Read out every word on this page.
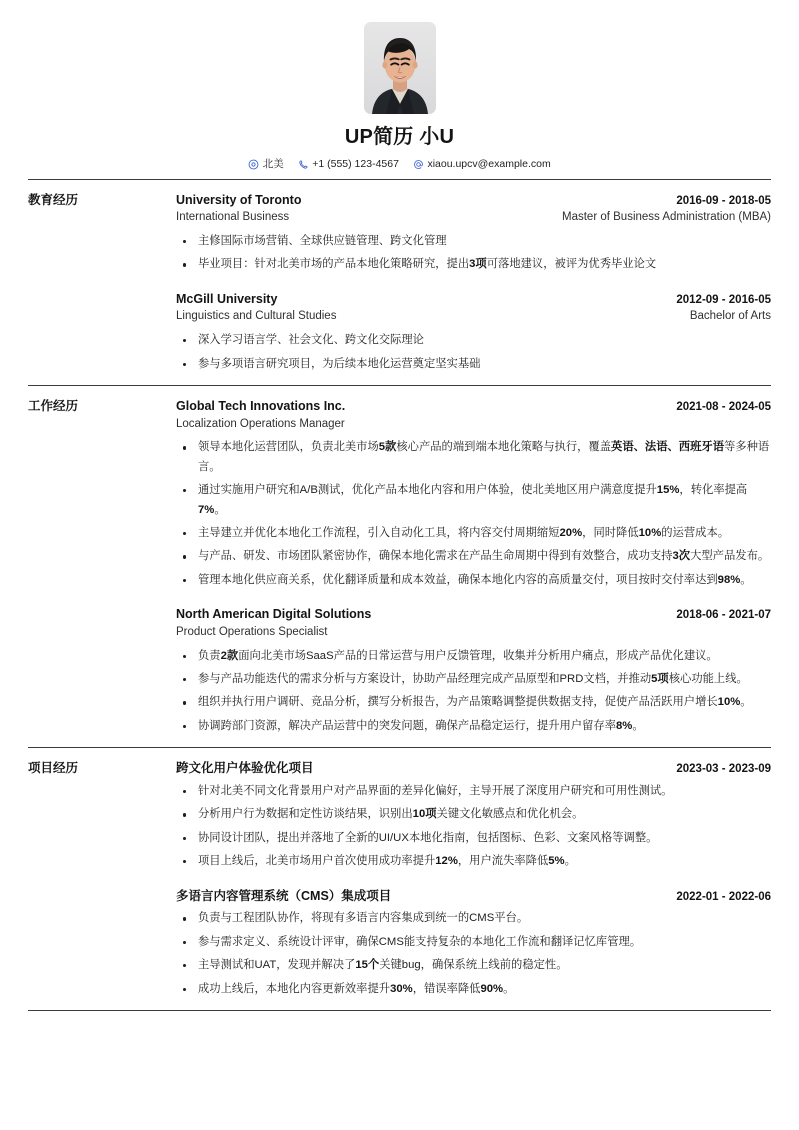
UP简历 小U
北美	+1 (555) 123-4567	xiaou.upcv@example.com
教育经历	University of Toronto	2016-09 - 2018-05
International Business	Master of Business Administration (MBA)
主修国际市场营销、全球供应链管理、跨文化管理
毕业项目：针对北美市场的产品本地化策略研究，提出3项可落地建议，被评为优秀毕业论文
McGill University	2012-09 - 2016-05
Linguistics and Cultural Studies	Bachelor of Arts
深入学习语言学、社会文化、跨文化交际理论
参与多项语言研究项目，为后续本地化运营奠定坚实基础
工作经历	Global Tech Innovations Inc.	2021-08 - 2024-05
Localization Operations Manager
领导本地化运营团队，负责北美市场5款核心产品的端到端本地化策略与执行，覆盖英语、法语、西班牙语等多种语言。
通过实施用户研究和A/B测试，优化产品本地化内容和用户体验，使北美地区用户满意度提升15%，转化率提高7%。
主导建立并优化本地化工作流程，引入自动化工具，将内容交付周期缩短20%，同时降低10%的运营成本。
与产品、研发、市场团队紧密协作，确保本地化需求在产品生命周期中得到有效整合，成功支持3次大型产品发布。
管理本地化供应商关系，优化翻译质量和成本效益，确保本地化内容的高质量交付，项目按时交付率达到98%。
North American Digital Solutions	2018-06 - 2021-07
Product Operations Specialist
负责2款面向北美市场SaaS产品的日常运营与用户反馈管理，收集并分析用户痛点，形成产品优化建议。
参与产品功能迭代的需求分析与方案设计，协助产品经理完成产品原型和PRD文档，并推动5项核心功能上线。
组织并执行用户调研、竞品分析，撰写分析报告，为产品策略调整提供数据支持，促使产品活跃用户增长10%。
协调跨部门资源，解决产品运营中的突发问题，确保产品稳定运行，提升用户留存率8%。
项目经历	跨文化用户体验优化项目	2023-03 - 2023-09
针对北美不同文化背景用户对产品界面的差异化偏好，主导开展了深度用户研究和可用性测试。
分析用户行为数据和定性访谈结果，识别出10项关键文化敏感点和优化机会。
协同设计团队，提出并落地了全新的UI/UX本地化指南，包括图标、色彩、文案风格等调整。
项目上线后，北美市场用户首次使用成功率提升12%，用户流失率降低5%。
多语言内容管理系统（CMS）集成项目	2022-01 - 2022-06
负责与工程团队协作，将现有多语言内容集成到统一的CMS平台。
参与需求定义、系统设计评审，确保CMS能支持复杂的本地化工作流和翻译记忆库管理。
主导测试和UAT，发现并解决了15个关键bug，确保系统上线前的稳定性。
成功上线后，本地化内容更新效率提升30%，错误率降低90%。
